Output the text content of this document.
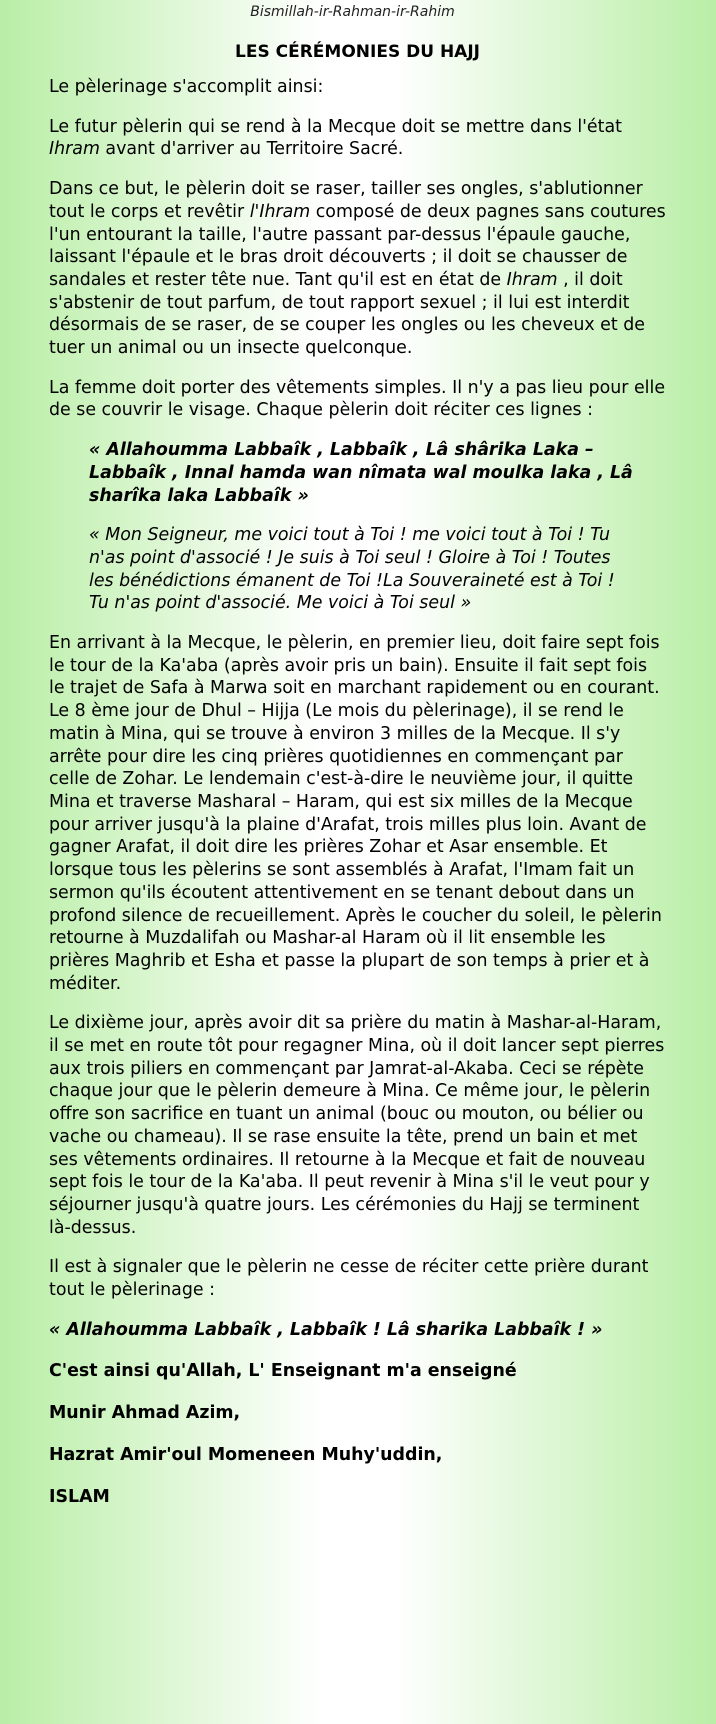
Bismillah-ir-Rahman-ir-Rahim
LES CÉRÉMONIES DU HAJJ

Le pèlerinage s'accomplit ainsi:

Le futur pèlerin qui se rend à la Mecque doit se mettre dans l'état Ihram avant d'arriver au Territoire Sacré.

Dans ce but, le pèlerin doit se raser, tailler ses ongles, s'ablutionner tout le corps et revêtir l'Ihram composé de deux pagnes sans coutures l'un entourant la taille, l'autre passant par-dessus l'épaule gauche, laissant l'épaule et le bras droit découverts ; il doit se chausser de sandales et rester tête nue. Tant qu'il est en état de Ihram , il doit s'abstenir de tout parfum, de tout rapport sexuel ; il lui est interdit désormais de se raser, de se couper les ongles ou les cheveux et de tuer un animal ou un insecte quelconque.

La femme doit porter des vêtements simples. Il n'y a pas lieu pour elle de se couvrir le visage. Chaque pèlerin doit réciter ces lignes :

« Allahoumma Labbaîk , Labbaîk , Lâ shârika Laka – Labbaîk , Innal hamda wan nîmata wal moulka laka , Lâ sharîka laka Labbaîk »
« Mon Seigneur, me voici tout à Toi ! me voici tout à Toi ! Tu n'as point d'associé ! Je suis à Toi seul ! Gloire à Toi ! Toutes les bénédictions émanent de Toi !La Souveraineté est à Toi ! Tu n'as point d'associé. Me voici à Toi seul »

En arrivant à la Mecque, le pèlerin, en premier lieu, doit faire sept fois le tour de la Ka'aba (après avoir pris un bain). Ensuite il fait sept fois le trajet de Safa à Marwa soit en marchant rapidement ou en courant. Le 8 ème jour de Dhul – Hijja (Le mois du pèlerinage), il se rend le matin à Mina, qui se trouve à environ 3 milles de la Mecque. Il s'y arrête pour dire les cinq prières quotidiennes en commençant par celle de Zohar. Le lendemain c'est-à-dire le neuvième jour, il quitte Mina et traverse Masharal – Haram, qui est six milles de la Mecque pour arriver jusqu'à la plaine d'Arafat, trois milles plus loin. Avant de gagner Arafat, il doit dire les prières Zohar et Asar ensemble. Et lorsque tous les pèlerins se sont assemblés à Arafat, l'Imam fait un sermon qu'ils écoutent attentivement en se tenant debout dans un profond silence de recueillement. Après le coucher du soleil, le pèlerin retourne à Muzdalifah ou Mashar-al Haram où il lit ensemble les prières Maghrib et Esha et passe la plupart de son temps à prier et à méditer.

Le dixième jour, après avoir dit sa prière du matin à Mashar-al-Haram, il se met en route tôt pour regagner Mina, où il doit lancer sept pierres aux trois piliers en commençant par Jamrat-al-Akaba. Ceci se répète chaque jour que le pèlerin demeure à Mina. Ce même jour, le pèlerin offre son sacrifice en tuant un animal (bouc ou mouton, ou bélier ou vache ou chameau). Il se rase ensuite la tête, prend un bain et met ses vêtements ordinaires. Il retourne à la Mecque et fait de nouveau sept fois le tour de la Ka'aba. Il peut revenir à Mina s'il le veut pour y séjourner jusqu'à quatre jours. Les cérémonies du Hajj se terminent là-dessus.

Il est à signaler que le pèlerin ne cesse de réciter cette prière durant tout le pèlerinage :

« Allahoumma Labbaîk , Labbaîk ! Lâ sharika Labbaîk ! »

C'est ainsi qu'Allah, L' Enseignant m'a enseigné

Munir Ahmad Azim,

Hazrat Amir'oul Momeneen Muhy'uddin,

ISLAM
